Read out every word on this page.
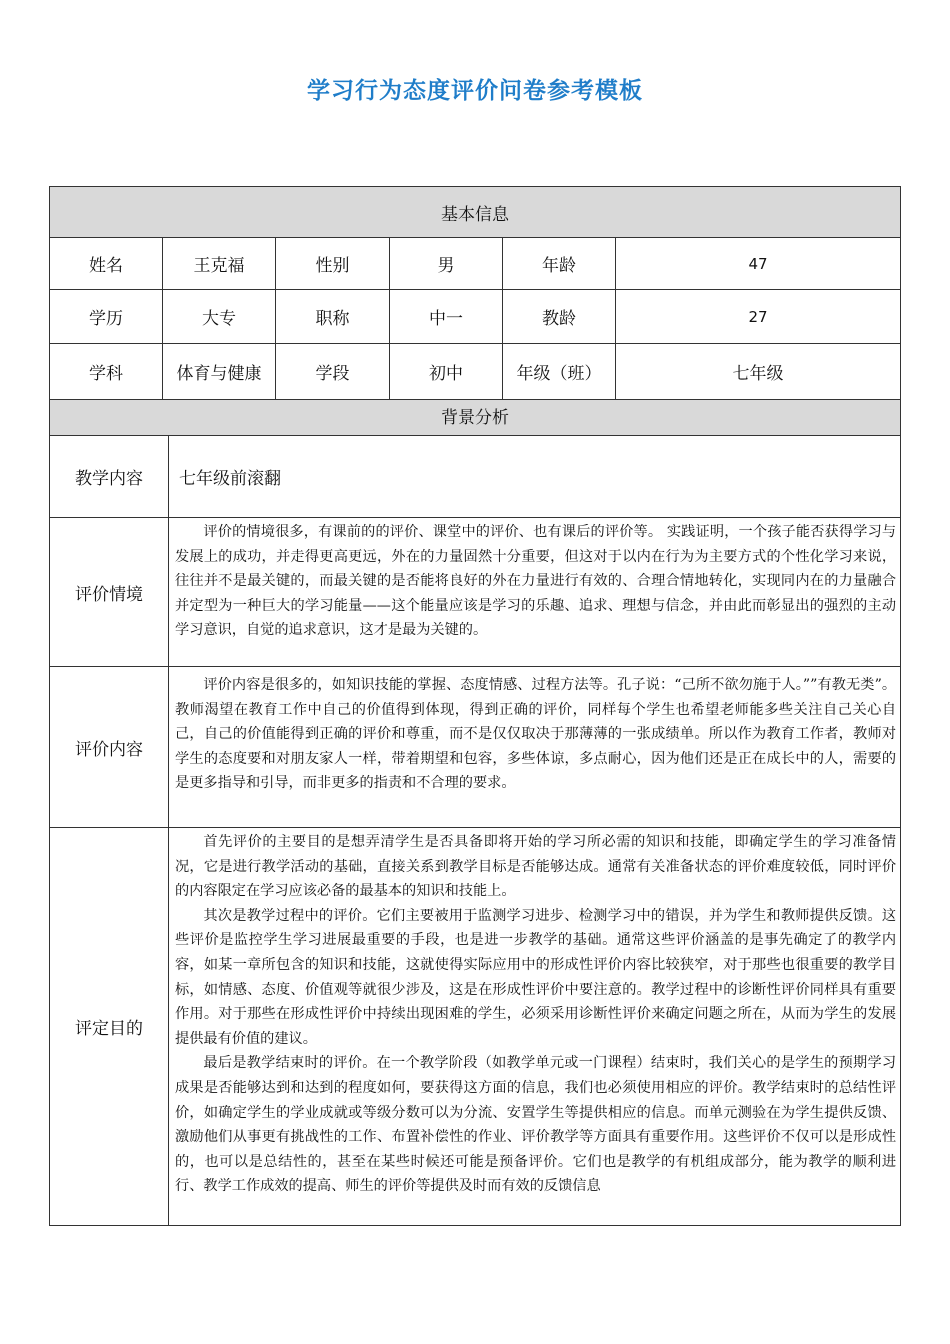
学习行为态度评价问卷参考模板
基本信息						
姓名	王克福		性别	男	年龄	47
学历	大专		职称	中一	教龄	27
学科	体育与健康		学段	初中	年级（班）	七年级
背景分析						
教学内容		七年级前滚翻				
评价情境		评价的情境很多，有课前的的评价、课堂中的评价、也有课后的评价等。 实践证明，一个孩子能否获得学习与发展上的成功，并走得更高更远，外在的力量固然十分重要，但这对于以内在行为为主要方式的个性化学习来说，往往并不是最关键的，而最关键的是否能将良好的外在力量进行有效的、合理合情地转化，实现同内在的力量融合并定型为一种巨大的学习能量——这个能量应该是学习的乐趣、追求、理想与信念，并由此而彰显出的强烈的主动学习意识，自觉的追求意识，这才是最为关键的。				

评价内容		评价内容是很多的，如知识技能的掌握、态度情感、过程方法等。孔子说：“己所不欲勿施于人。””有教无类”。教师渴望在教育工作中自己的价值得到体现，得到正确的评价，同样每个学生也希望老师能多些关注自己关心自己，自己的价值能得到正确的评价和尊重，而不是仅仅取决于那薄薄的一张成绩单。所以作为教育工作者，教师对学生的态度要和对朋友家人一样，带着期望和包容，多些体谅，多点耐心，因为他们还是正在成长中的人，需要的是更多指导和引导，而非更多的指责和不合理的要求。				

评定目的		首先评价的主要目的是想弄清学生是否具备即将开始的学习所必需的知识和技能，即确定学生的学习准备情况，它是进行教学活动的基础，直接关系到教学目标是否能够达成。通常有关准备状态的评价难度较低，同时评价的内容限定在学习应该必备的最基本的知识和技能上。

其次是教学过程中的评价。它们主要被用于监测学习进步、检测学习中的错误，并为学生和教师提供反馈。这些评价是监控学生学习进展最重要的手段，也是进一步教学的基础。通常这些评价涵盖的是事先确定了的教学内容，如某一章所包含的知识和技能，这就使得实际应用中的形成性评价内容比较狭窄，对于那些也很重要的教学目标，如情感、态度、价值观等就很少涉及，这是在形成性评价中要注意的。教学过程中的诊断性评价同样具有重要作用。对于那些在形成性评价中持续出现困难的学生，必须采用诊断性评价来确定问题之所在，从而为学生的发展提供最有价值的建议。

最后是教学结束时的评价。在一个教学阶段（如教学单元或一门课程）结束时，我们关心的是学生的预期学习成果是否能够达到和达到的程度如何，要获得这方面的信息，我们也必须使用相应的评价。教学结束时的总结性评价，如确定学生的学业成就或等级分数可以为分流、安置学生等提供相应的信息。而单元测验在为学生提供反馈、激励他们从事更有挑战性的工作、布置补偿性的作业、评价教学等方面具有重要作用。这些评价不仅可以是形成性的，也可以是总结性的，甚至在某些时候还可能是预备评价。它们也是教学的有机组成部分，能为教学的顺利进行、教学工作成效的提高、师生的评价等提供及时而有效的反馈信息				
